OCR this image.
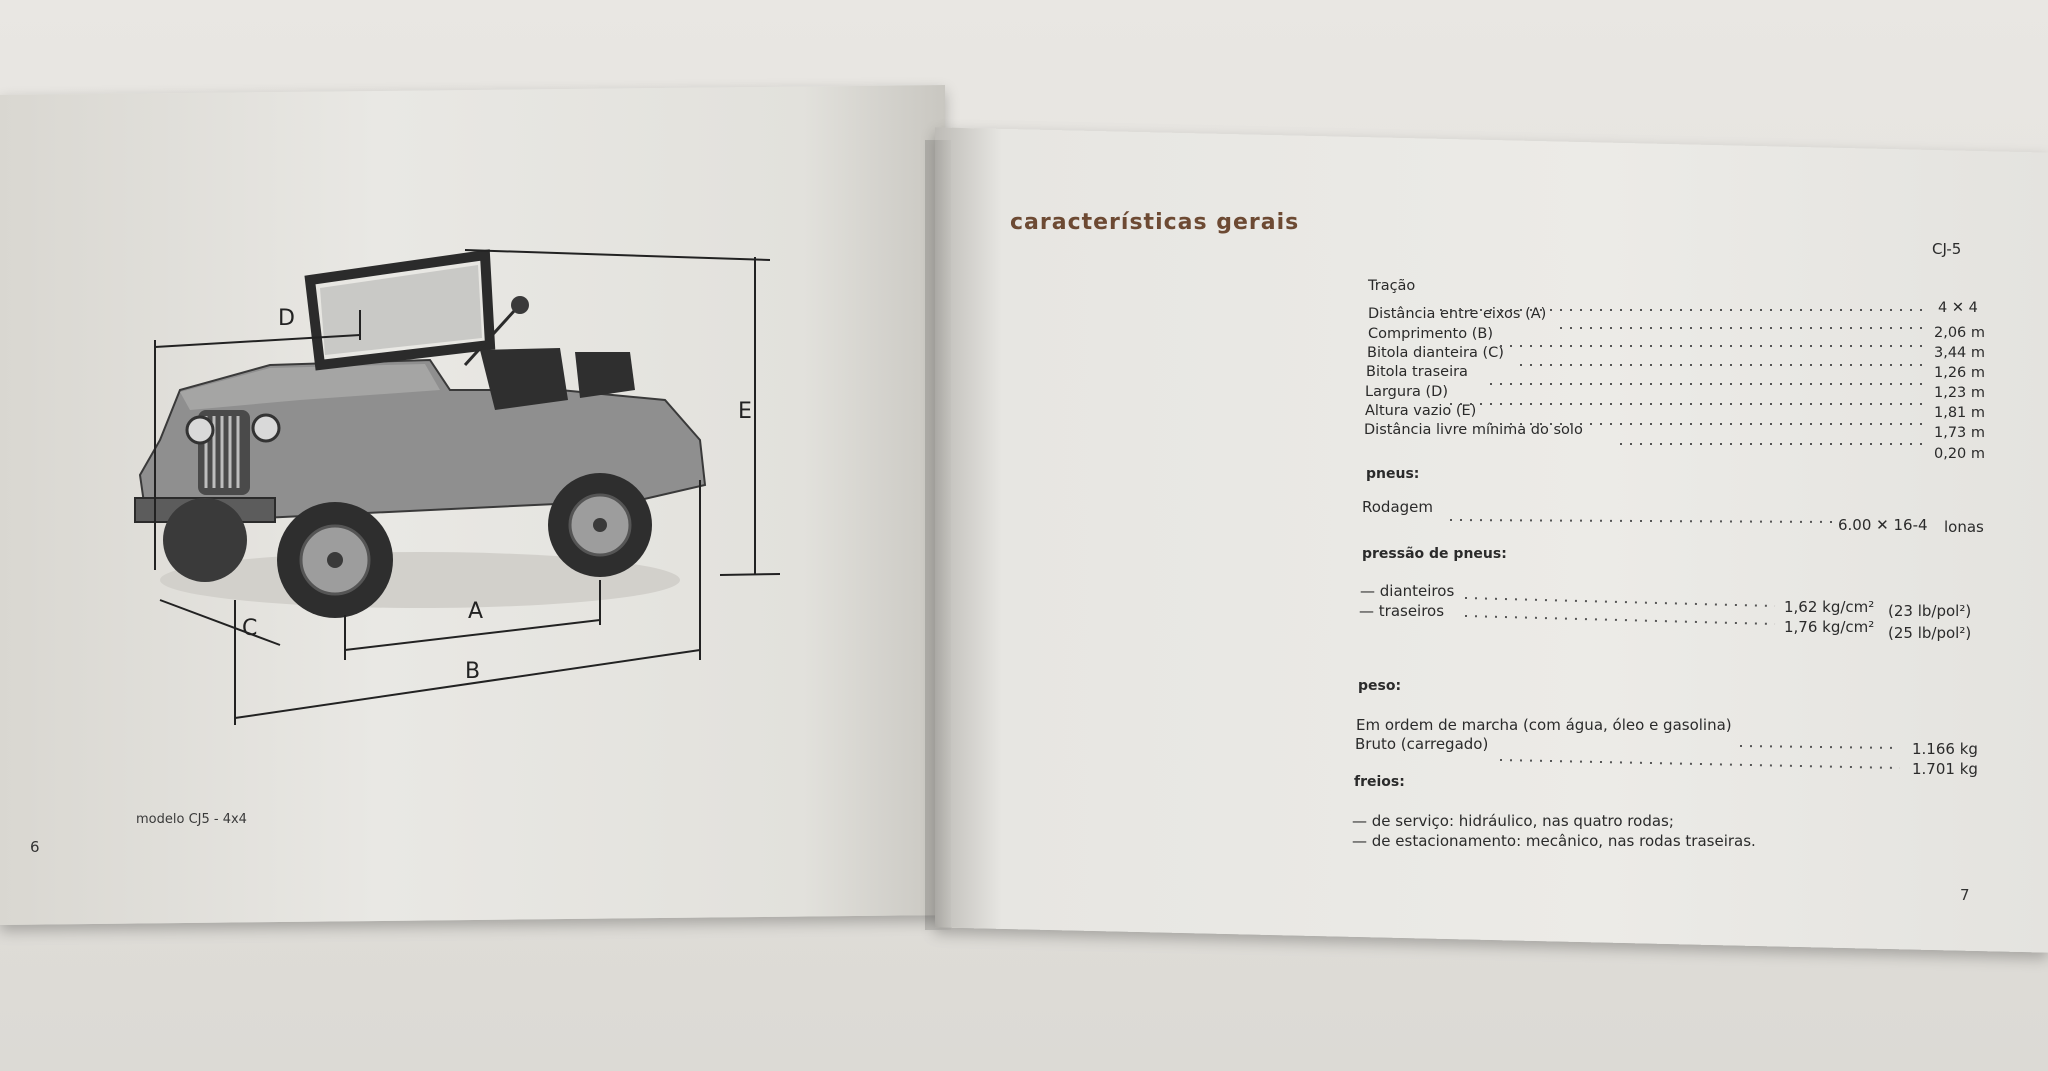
E
D
A
B
C
modelo CJ5 - 4x4
6
características gerais
CJ-5
Tração
4 ✕ 4
Distância entre eixos (A)
2,06 m
Comprimento (B)
3,44 m
Bitola dianteira (C)
1,26 m
Bitola traseira
1,23 m
Largura (D)
1,81 m
Altura vazio (E)
1,73 m
Distância livre mínima do solo
0,20 m
pneus:
Rodagem
6.00 ✕ 16-4 lonas
pressão de pneus:
— dianteiros
1,62 kg/cm² (23 lb/pol²)
— traseiros
1,76 kg/cm² (25 lb/pol²)
peso:
Em ordem de marcha (com água, óleo e gasolina)
1.166 kg
Bruto (carregado)
1.701 kg
freios:
— de serviço: hidráulico, nas quatro rodas;
— de estacionamento: mecânico, nas rodas traseiras.
7
